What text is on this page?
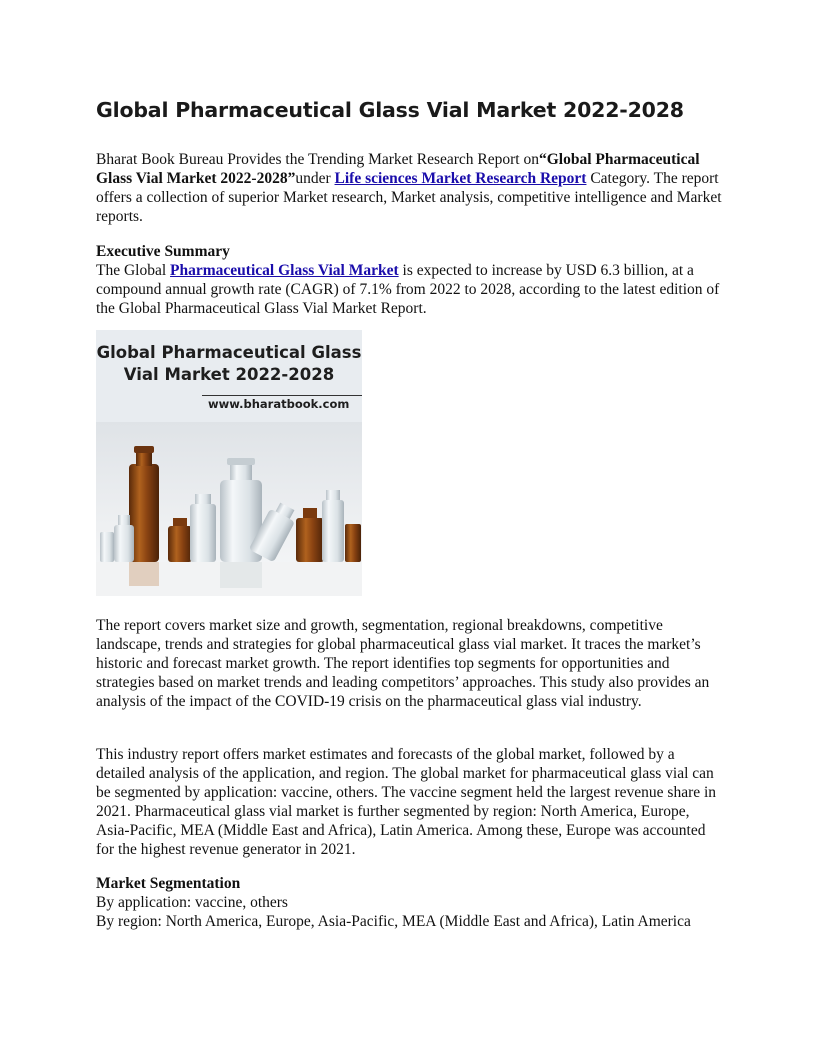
Global Pharmaceutical Glass Vial Market 2022-2028

Bharat Book Bureau Provides the Trending Market Research Report on“Global Pharmaceutical Glass Vial Market 2022-2028”under Life sciences Market Research Report Category. The report offers a collection of superior Market research, Market analysis, competitive intelligence and Market reports.

Executive Summary
The Global Pharmaceutical Glass Vial Market is expected to increase by USD 6.3 billion, at a compound annual growth rate (CAGR) of 7.1% from 2022 to 2028, according to the latest edition of the Global Pharmaceutical Glass Vial Market Report.
Global Pharmaceutical Glass
Vial Market 2022-2028
www.bharatbook.com

The report covers market size and growth, segmentation, regional breakdowns, competitive landscape, trends and strategies for global pharmaceutical glass vial market. It traces the market’s historic and forecast market growth. The report identifies top segments for opportunities and strategies based on market trends and leading competitors’ approaches. This study also provides an analysis of the impact of the COVID-19 crisis on the pharmaceutical glass vial industry.

This industry report offers market estimates and forecasts of the global market, followed by a detailed analysis of the application, and region. The global market for pharmaceutical glass vial can be segmented by application: vaccine, others. The vaccine segment held the largest revenue share in 2021. Pharmaceutical glass vial market is further segmented by region: North America, Europe, Asia-Pacific, MEA (Middle East and Africa), Latin America. Among these, Europe was accounted for the highest revenue generator in 2021.

Market Segmentation
By application: vaccine, others
By region: North America, Europe, Asia-Pacific, MEA (Middle East and Africa), Latin America
